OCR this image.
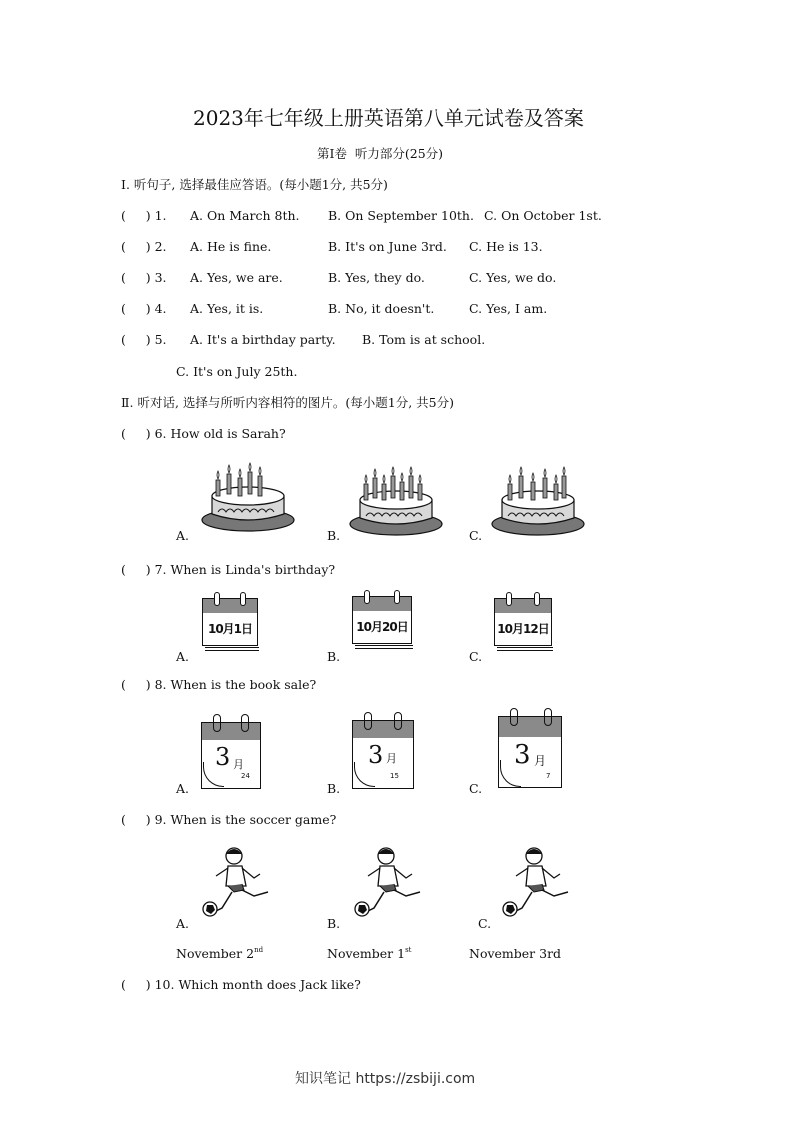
2023年七年级上册英语第八单元试卷及答案
第Ⅰ卷  听力部分(25分)
Ⅰ. 听句子, 选择最佳应答语。(每小题1分, 共5分)
(     ) 1. A. On March 8th. B. On September 10th. C. On October 1st.
(     ) 2. A. He is fine.	B. It's on June 3rd. C. He is 13.
(     ) 3. A. Yes, we are.	B. Yes, they do.	C. Yes, we do.
(     ) 4. A. Yes, it is.	B. No, it doesn't.	C. Yes, I am.
(     ) 5. A. It's a birthday party. B. Tom is at school.
C. It's on July 25th.
Ⅱ. 听对话, 选择与所听内容相符的图片。(每小题1分, 共5分)
(     ) 6. How old is Sarah?
A.	B.	C.
(     ) 7. When is Linda's birthday?
10月1日
A.
10月20日
B.
10月12日
C.
(     ) 8. When is the book sale?
3 月
24
A.
3 月
15
B.
3 月
7
C.
(     ) 9. When is the soccer game?
A.	B.	C.
November 2nd	November 1st	November 3rd
(     ) 10. Which month does Jack like?
知识笔记 https://zsbiji.com
